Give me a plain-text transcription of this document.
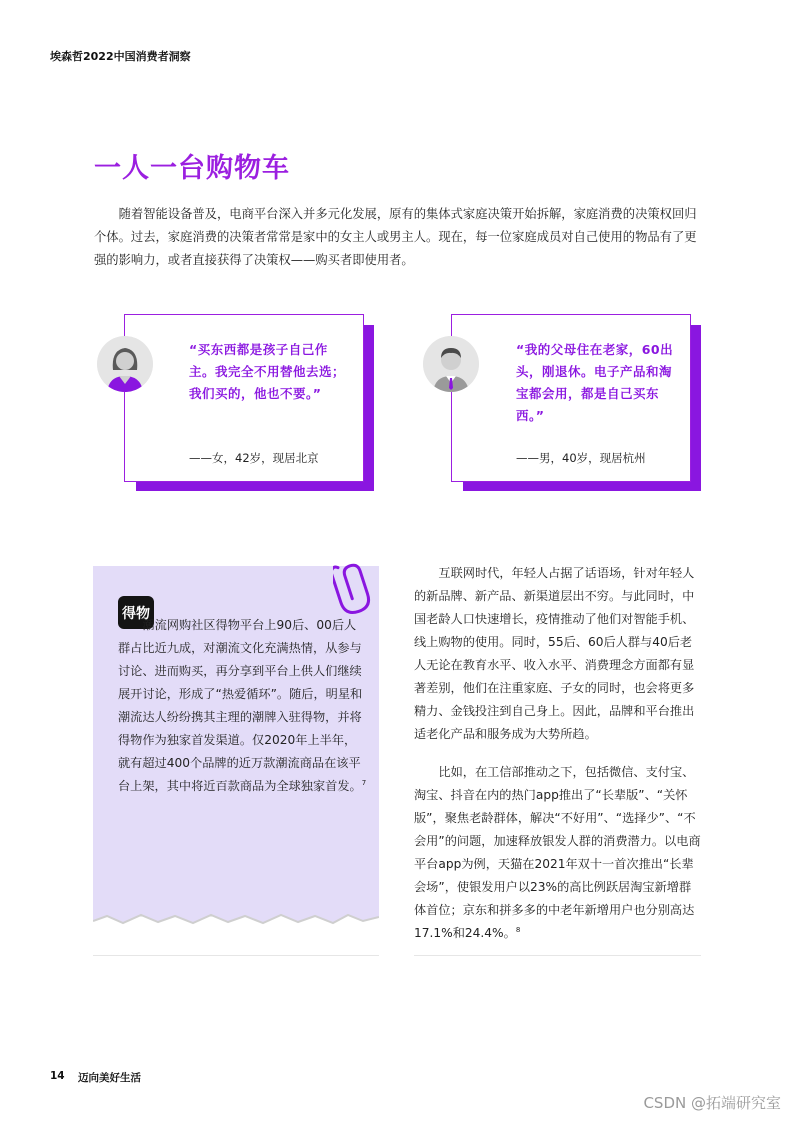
埃森哲2022中国消费者洞察
一人一台购物车
随着智能设备普及，电商平台深入并多元化发展，原有的集体式家庭决策开始拆解，家庭消费的决策权回归个体。过去，家庭消费的决策者常常是家中的女主人或男主人。现在，每一位家庭成员对自己使用的物品有了更强的影响力，或者直接获得了决策权——购买者即使用者。
“买东西都是孩子自己作主。我完全不用替他去选；我们买的，他也不要。”
——女，42岁，现居北京
“我的父母住在老家，60出头，刚退休。电子产品和淘宝都会用，都是自己买东西。”
——男，40岁，现居杭州
得物
潮流网购社区得物平台上90后、00后人群占比近九成，对潮流文化充满热情，从参与讨论、进而购买，再分享到平台上供人们继续展开讨论，形成了“热爱循环”。随后，明星和潮流达人纷纷携其主理的潮牌入驻得物，并将得物作为独家首发渠道。仅2020年上半年，就有超过400个品牌的近万款潮流商品在该平台上架，其中将近百款商品为全球独家首发。$^7$
互联网时代，年轻人占据了话语场，针对年轻人的新品牌、新产品、新渠道层出不穷。与此同时，中国老龄人口快速增长，疫情推动了他们对智能手机、线上购物的使用。同时，55后、60后人群与40后老人无论在教育水平、收入水平、消费理念方面都有显著差别，他们在注重家庭、子女的同时，也会将更多精力、金钱投注到自己身上。因此，品牌和平台推出适老化产品和服务成为大势所趋。
比如，在工信部推动之下，包括微信、支付宝、淘宝、抖音在内的热门app推出了“长辈版”、“关怀版”，聚焦老龄群体，解决“不好用”、“选择少”、“不会用”的问题，加速释放银发人群的消费潜力。以电商平台app为例，天猫在2021年双十一首次推出“长辈会场”，使银发用户以23%的高比例跃居淘宝新增群体首位；京东和拼多多的中老年新增用户也分别高达17.1%和24.4%。$^8$
14 迈向美好生活
CSDN @拓端研究室
